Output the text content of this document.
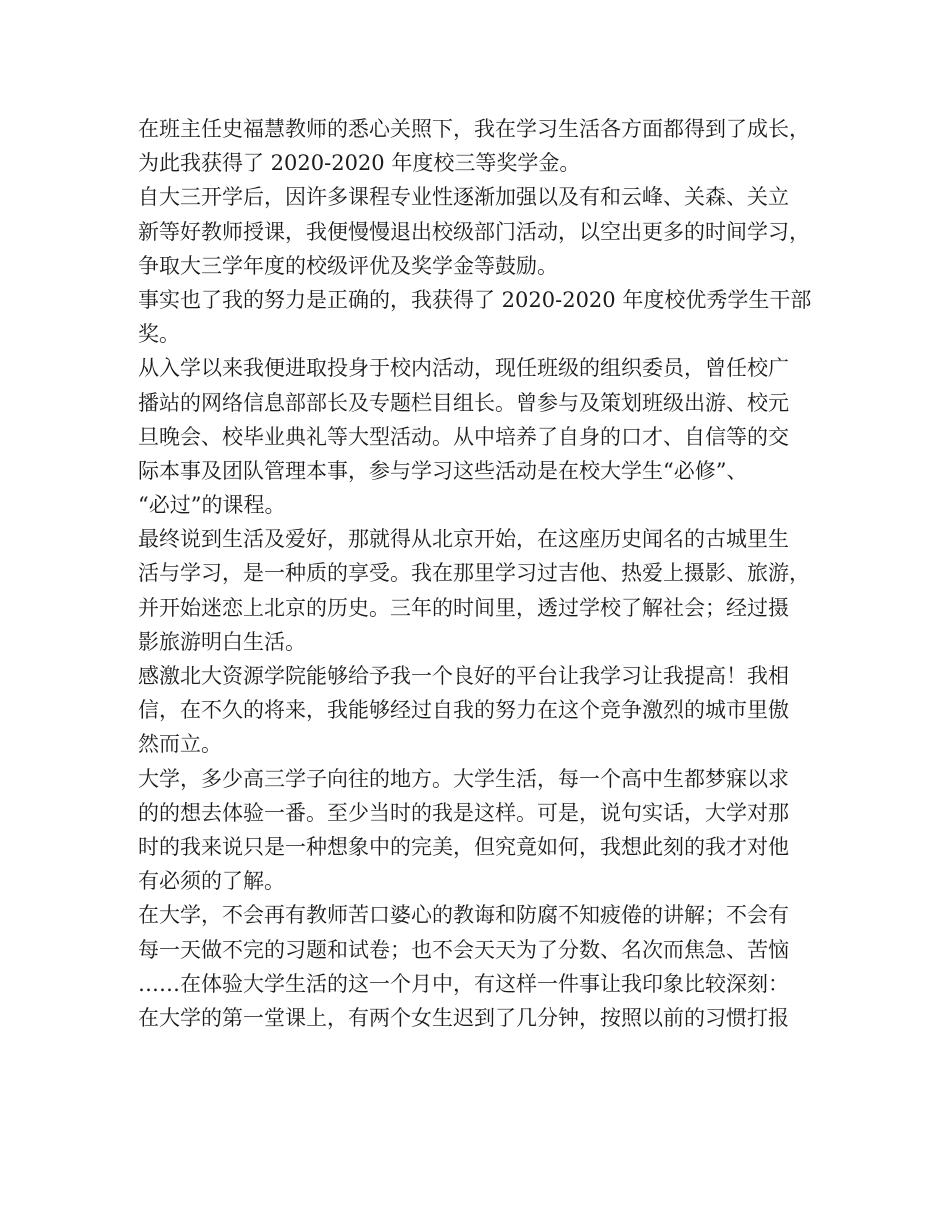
在班主任史福慧教师的悉心关照下，我在学习生活各方面都得到了成长，
为此我获得了 2020-2020 年度校三等奖学金。

自大三开学后，因许多课程专业性逐渐加强以及有和云峰、关森、关立
新等好教师授课，我便慢慢退出校级部门活动，以空出更多的时间学习，
争取大三学年度的校级评优及奖学金等鼓励。

事实也了我的努力是正确的，我获得了 2020-2020 年度校优秀学生干部
奖。

从入学以来我便进取投身于校内活动，现任班级的组织委员，曾任校广
播站的网络信息部部长及专题栏目组长。曾参与及策划班级出游、校元
旦晚会、校毕业典礼等大型活动。从中培养了自身的口才、自信等的交
际本事及团队管理本事，参与学习这些活动是在校大学生“必修”、
“必过”的课程。

最终说到生活及爱好，那就得从北京开始，在这座历史闻名的古城里生
活与学习，是一种质的享受。我在那里学习过吉他、热爱上摄影、旅游，
并开始迷恋上北京的历史。三年的时间里，透过学校了解社会；经过摄
影旅游明白生活。

感激北大资源学院能够给予我一个良好的平台让我学习让我提高！我相
信，在不久的将来，我能够经过自我的努力在这个竞争激烈的城市里傲
然而立。

大学，多少高三学子向往的地方。大学生活，每一个高中生都梦寐以求
的的想去体验一番。至少当时的我是这样。可是，说句实话，大学对那
时的我来说只是一种想象中的完美，但究竟如何，我想此刻的我才对他
有必须的了解。

在大学，不会再有教师苦口婆心的教诲和防腐不知疲倦的讲解；不会有
每一天做不完的习题和试卷；也不会天天为了分数、名次而焦急、苦恼
……在体验大学生活的这一个月中，有这样一件事让我印象比较深刻：
在大学的第一堂课上，有两个女生迟到了几分钟，按照以前的习惯打报
